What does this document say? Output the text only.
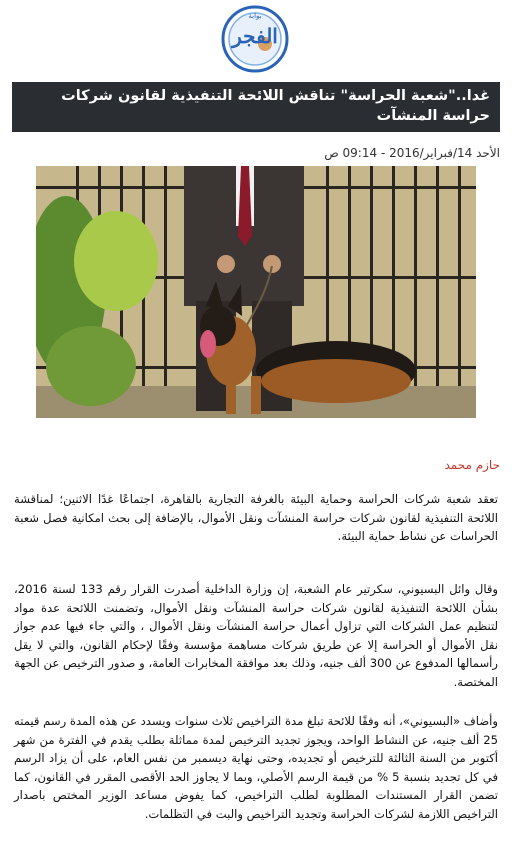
بوابة
الفجر
غدا.."شعبة الحراسة" تناقش اللائحة التنفيذية لقانون شركات حراسة المنشآت
الأحد 14/فبراير/2016 - 09:14 ص
حازم محمد

تعقد شعبة شركات الحراسة وحماية البيئة بالغرفة التجارية بالقاهرة، اجتماعًا غدًا الاثنين؛ لمناقشة اللائحة التنفيذية لقانون شركات حراسة المنشآت ونقل الأموال، بالإضافة إلى بحث امكانية فصل شعبة الحراسات عن نشاط حماية البيئة.

وقال وائل البسيوني، سكرتير عام الشعبة، إن وزارة الداخلية أصدرت القرار رقم 133 لسنة 2016، بشأن اللائحة التنفيذية لقانون شركات حراسة المنشآت ونقل الأموال، وتضمنت اللائحة عدة مواد لتنظيم عمل الشركات التي تزاول أعمال حراسة المنشآت ونقل الأموال ، والتي جاء فيها عدم جواز نقل الأموال أو الحراسة إلا عن طريق شركات مساهمة مؤسسة وفقًا لإحكام القانون، والتي لا يقل رأسمالها المدفوع عن 300 ألف جنيه، وذلك بعد موافقة المخابرات العامة، و صدور الترخيص عن الجهة المختصة.

وأضاف «البسيوني»، أنه وفقًا للائحة تبلغ مدة التراخيص ثلاث سنوات ويسدد عن هذه المدة رسم قيمته 25 ألف جنيه، عن النشاط الواحد، ويجوز تجديد الترخيص لمدة مماثلة بطلب يقدم في الفترة من شهر أكتوبر من السنة الثالثة للترخيص أو تجديده، وحتى نهاية ديسمبر من نفس العام، على أن يزاد الرسم في كل تجديد بنسبة 5 % من قيمة الرسم الأصلي، وبما لا يجاوز الحد الأقصى المقرر في القانون، كما تضمن القرار المستندات المطلوبة لطلب التراخيص، كما يفوض مساعد الوزير المختص باصدار التراخيص اللازمة لشركات الحراسة وتجديد التراخيص والبت في التظلمات.
